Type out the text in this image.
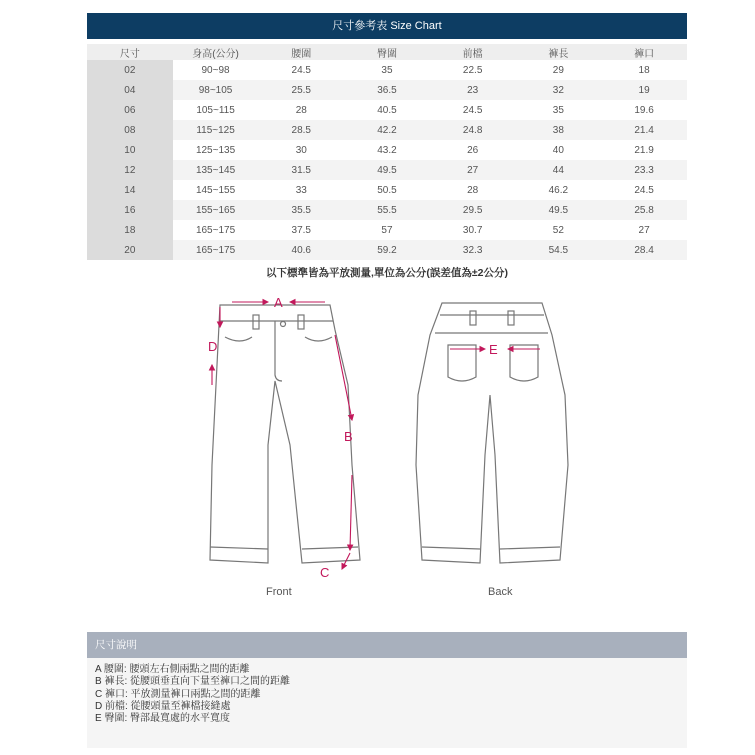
尺寸參考表 Size Chart
尺寸	身高(公分)	腰圍	臀圍	前檔	褲長	褲口
02	90~98	24.5	35	22.5	29	18
04	98~105	25.5	36.5	23	32	19
06	105~115	28	40.5	24.5	35	19.6
08	115~125	28.5	42.2	24.8	38	21.4
10	125~135	30	43.2	26	40	21.9
12	135~145	31.5	49.5	27	44	23.3
14	145~155	33	50.5	28	46.2	24.5
16	155~165	35.5	55.5	29.5	49.5	25.8
18	165~175	37.5	57	30.7	52	27
20	165~175	40.6	59.2	32.3	54.5	28.4
以下標準皆為平放測量,單位為公分(誤差值為±2公分)
A
D
B
C
E
Front	Back
尺寸說明
A 腰圍: 腰頭左右側兩點之間的距離
B 褲長: 從腰頭垂直向下量至褲口之間的距離
C 褲口: 平放測量褲口兩點之間的距離
D 前檔: 從腰頭量至褲檔接縫處
E 臀圍: 臀部最寬處的水平寬度
